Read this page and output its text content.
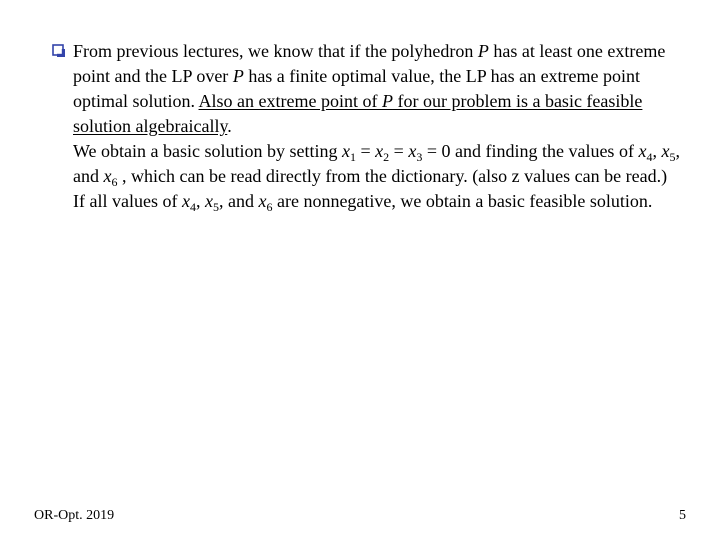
From previous lectures, we know that if the polyhedron P has at least one extreme point and the LP over P has a finite optimal value, the LP has an extreme point optimal solution. Also an extreme point of P for our problem is a basic feasible solution algebraically.
We obtain a basic solution by setting $x_1 = x_2 = x_3 = 0$ and finding the values of $x_4$, $x_5$, and $x_6$ , which can be read directly from the dictionary. (also z values can be read.) If all values of $x_4$, $x_5$, and $x_6$ are nonnegative, we obtain a basic feasible solution.
OR-Opt. 2019	5
